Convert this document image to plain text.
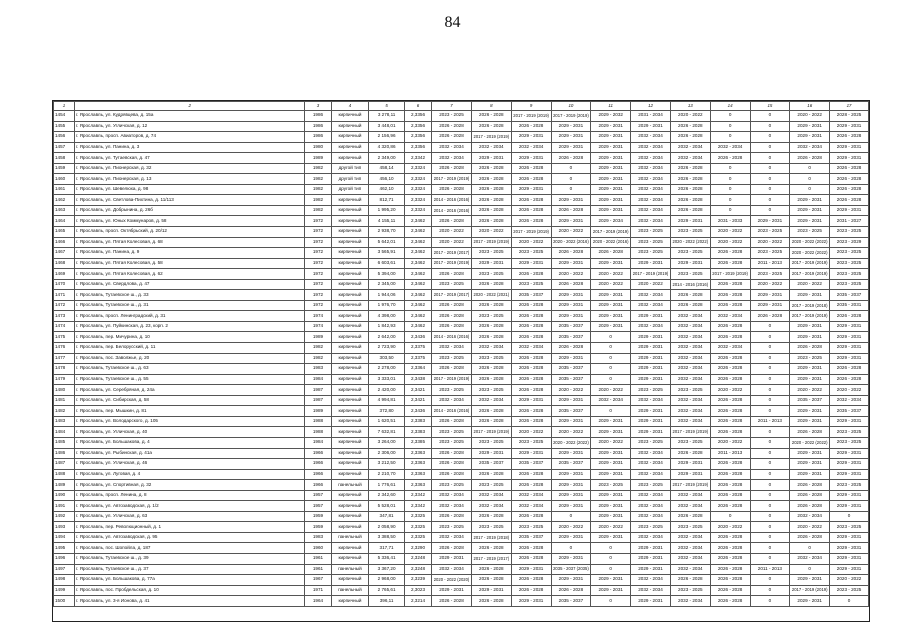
84
1	2	3	4	5	6	7	8	9	10	11	12	13	14	15	16	17
1454	г. Ярославль, ул. Кудрявцева, д. 15а	1986	кирпичный	3 278,11	2,3356	2023 - 2025	2026 - 2028	2017 - 2019 (2019)	2017 - 2019 (2019)	2029 - 2032	2031 - 2034	2020 - 2022	0	0	2020 - 2022	2028 - 2025
1455	г. Ярославль, ул. Угличская, д. 12	1986	кирпичный	3 448,01	2,3356	2026 - 2028	2026 - 2028	2026 - 2028	2029 - 2031	2029 - 2031	2029 - 2031	2026 - 2028	0	0	2029 - 2031	2029 - 2031
1456	г. Ярославль, просп. Авиаторов, д. 74	1986	кирпичный	2 156,96	2,3356	2026 - 2028	2017 - 2019 (2019)	2029 - 2031	2029 - 2031	2029 - 2031	2032 - 2034	2026 - 2028	0	0	2029 - 2031	2026 - 2028
1457	г. Ярославль, ул. Панина, д. 3	1980	кирпичный	4 320,86	2,3356	2032 - 2034	2032 - 2034	2032 - 2034	2029 - 2031	2029 - 2031	2032 - 2034	2032 - 2034	2032 - 2034	0	2032 - 2034	2029 - 2031
1458	г. Ярославль, ул. Тутаевская, д. 47	1989	кирпичный	2 349,00	2,3342	2032 - 2034	2029 - 2031	2029 - 2031	2026 - 2028	2029 - 2031	2032 - 2034	2032 - 2034	2026 - 2028	0	2026 - 2028	2029 - 2031
1459	г. Ярославль, ул. Пионерская, д. 32	1982	другой тип	458,14	2,3324	2026 - 2028	2026 - 2028	2026 - 2028	0	2029 - 2031	2032 - 2034	2026 - 2028	0	0	0	2026 - 2028
1460	г. Ярославль, ул. Пионерская, д. 13	1982	другой тип	456,10	2,3324	2017 - 2019 (2019)	2026 - 2028	2026 - 2028	0	2029 - 2031	2032 - 2034	2026 - 2028	0	0	0	2026 - 2028
1461	г. Ярославль, ул. Шевелюха, д. 98	1982	другой тип	462,10	2,3324	2026 - 2028	2026 - 2028	2029 - 2031	0	2029 - 2031	2032 - 2034	2026 - 2028	0	0	0	2026 - 2028
1462	г. Ярославль, ул. Светлова-Пихтина, д. 11/113	1982	кирпичный	812,71	2,3324	2014 - 2016 (2016)	2026 - 2028	2026 - 2028	2029 - 2031	2029 - 2031	2032 - 2034	2026 - 2028	0	0	2029 - 2031	2026 - 2028
1463	г. Ярославль, ул. Добрынина, д. 26б	1982	кирпичный	1 995,20	2,3324	2014 - 2016 (2016)	2026 - 2028	2026 - 2028	2026 - 2028	2029 - 2031	2032 - 2034	2026 - 2028	0	0	2029 - 2031	2029 - 2031
1464	г. Ярославль, ул. Юных Коммунаров, д. 58	1972	кирпичный	4 155,11	2,3462	2026 - 2028	2026 - 2028	2026 - 2028	2029 - 2031	2029 - 2034	2032 - 2034	2029 - 2031	2031 - 2033	2029 - 2031	2029 - 2031	2031 - 2027
1465	г. Ярославль, просп. Октябрьский, д. 20/12	1972	кирпичный	2 938,70	2,3462	2020 - 2022	2020 - 2022	2017 - 2019 (2019)	2020 - 2022	2017 - 2019 (2019)	2023 - 2025	2023 - 2025	2020 - 2022	2023 - 2025	2023 - 2025	2023 - 2025
1466	г. Ярославль, ул. Пятая Колесовая, д. 68	1972	кирпичный	5 642,01	2,3462	2020 - 2022	2017 - 2019 (2019)	2020 - 2022	2020 - 2022 (2016)	2020 - 2022 (2016)	2023 - 2025	2020 - 2022 (2022)	2020 - 2022	2020 - 2022	2020 - 2022 (2022)	2023 - 2029
1467	г. Ярославль, ул. Панина, д. 9	1972	кирпичный	3 565,91	2,3462	2017 - 2019 (2017)	2023 - 2025	2023 - 2025	2026 - 2028	2026 - 2028	2023 - 2025	2023 - 2025	2026 - 2028	2023 - 2025	2020 - 2022 (2022)	2023 - 2025
1468	г. Ярославль, ул. Пятая Колесовая, д. 58	1972	кирпичный	6 603,61	2,3462	2017 - 2019 (2019)	2029 - 2031	2029 - 2031	2029 - 2031	2029 - 2031	2029 - 2031	2029 - 2031	2026 - 2028	2011 - 2013	2017 - 2019 (2019)	2023 - 2025
1469	г. Ярославль, ул. Пятая Колесовая, д. 62	1972	кирпичный	5 394,00	2,3462	2026 - 2028	2023 - 2025	2026 - 2028	2020 - 2022	2020 - 2022	2017 - 2019 (2019)	2023 - 2025	2017 - 2019 (2019)	2023 - 2025	2017 - 2019 (2019)	2023 - 2025
1470	г. Ярославль, ул. Свердлова, д. 47	1972	кирпичный	2 345,00	2,3462	2023 - 2025	2026 - 2028	2023 - 2025	2026 - 2028	2020 - 2022	2020 - 2022	2014 - 2016 (2016)	2026 - 2028	2020 - 2022	2020 - 2022	2023 - 2025
1471	г. Ярославль, Тутаевское ш., д. 33	1972	кирпичный	1 944,06	2,3462	2017 - 2019 (2017)	2020 - 2022 (2021)	2035 - 2037	2029 - 2031	2029 - 2031	2032 - 2034	2026 - 2028	2026 - 2028	2029 - 2031	2029 - 2031	2035 - 2037
1472	г. Ярославль, Тутаевское ш., д. 31	1972	кирпичный	1 976,70	2,3462	2026 - 2028	2026 - 2028	2026 - 2028	2029 - 2031	2029 - 2031	2032 - 2034	2026 - 2028	2026 - 2028	2029 - 2031	2017 - 2019 (2018)	2035 - 2031
1473	г. Ярославль, просп. Ленинградский, д. 31	1974	кирпичный	4 398,00	2,3462	2026 - 2028	2023 - 2025	2026 - 2028	2029 - 2031	2029 - 2031	2029 - 2031	2032 - 2034	2032 - 2034	2026 - 2028	2017 - 2019 (2019)	2026 - 2028
1474	г. Ярославль, ул. Пуйкинская, д. 23, корп. 2	1974	кирпичный	1 842,93	2,3462	2026 - 2028	2026 - 2028	2026 - 2028	2035 - 2037	2029 - 2031	2032 - 2034	2032 - 2034	2026 - 2028	0	2029 - 2031	2029 - 2031
1475	г. Ярославль, пер. Мичурина, д. 10	1989	кирпичный	2 642,00	2,3436	2014 - 2016 (2016)	2026 - 2028	2026 - 2028	2035 - 2037	0	2029 - 2031	2032 - 2034	2026 - 2028	0	2029 - 2031	2029 - 2031
1476	г. Ярославль, пер. Белорусский, д. 11	1982	кирпичный	2 723,90	2,3375	2032 - 2034	2032 - 2034	2032 - 2034	2026 - 2028	0	2029 - 2031	2032 - 2034	2032 - 2034	0	2026 - 2028	2029 - 2031
1477	г. Ярославль, пос. Заволжье, д. 20	1982	кирпичный	303,50	2,3375	2023 - 2025	2023 - 2025	2026 - 2028	2029 - 2031	0	2029 - 2031	2032 - 2034	2026 - 2028	0	2023 - 2025	2029 - 2031
1478	г. Ярославль, Тутаевское ш., д. 63	1983	кирпичный	2 278,00	2,3364	2026 - 2028	2026 - 2028	2026 - 2028	2035 - 2037	0	2029 - 2031	2032 - 2034	2026 - 2028	0	2029 - 2031	2026 - 2028
1479	г. Ярославль, Тутаевское ш., д. 55	1984	кирпичный	3 333,01	2,3438	2017 - 2019 (2019)	2026 - 2028	2026 - 2028	2035 - 2037	0	2029 - 2031	2032 - 2034	2026 - 2028	0	2029 - 2031	2026 - 2028
1480	г. Ярославль, ул. Серебряная, д. 24а	1987	кирпичный	2 420,00	2,3421	2023 - 2025	2023 - 2025	2026 - 2028	2020 - 2022	2020 - 2022	2023 - 2025	2023 - 2025	2020 - 2022	0	2020 - 2022	2020 - 2022
1481	г. Ярославль, ул. Сибирская, д. 58	1987	кирпичный	4 994,81	2,3421	2032 - 2034	2032 - 2034	2029 - 2031	2029 - 2031	2032 - 2034	2032 - 2034	2032 - 2034	2026 - 2028	0	2035 - 2037	2032 - 2034
1482	г. Ярославль, пер. Мышкин, д. 81	1989	кирпичный	372,80	2,3436	2014 - 2016 (2016)	2026 - 2028	2026 - 2028	2035 - 2037	0	2029 - 2031	2032 - 2034	2026 - 2028	0	2029 - 2031	2035 - 2037
1483	г. Ярославль, ул. Володарского, д. 105	1988	кирпичный	1 620,51	2,3383	2026 - 2028	2026 - 2028	2026 - 2028	2029 - 2031	2029 - 2031	2029 - 2031	2032 - 2034	2026 - 2028	2011 - 2013	2029 - 2031	2029 - 2031
1484	г. Ярославль, ул. Угличская, д. 40	1988	кирпичный	7 632,81	2,3383	2023 - 2025	2017 - 2019 (2019)	2020 - 2022	2020 - 2022	2029 - 2031	2029 - 2031	2017 - 2019 (2019)	2026 - 2028	0	2026 - 2028	2023 - 2025
1485	г. Ярославль, ул. Большакова, д. 4	1984	кирпичный	3 264,00	2,3385	2023 - 2025	2023 - 2025	2023 - 2025	2020 - 2022 (2022)	2020 - 2022	2023 - 2025	2023 - 2025	2020 - 2022	0	2020 - 2022 (2022)	2023 - 2025
1486	г. Ярославль, ул. Рыбинская, д. 41а	1966	кирпичный	2 306,00	2,3363	2026 - 2028	2029 - 2031	2029 - 2031	2029 - 2031	2029 - 2031	2032 - 2034	2026 - 2028	2011 - 2013	0	2029 - 2031	2029 - 2031
1487	г. Ярославль, ул. Угличская, д. 46	1966	кирпичный	3 212,50	2,3363	2026 - 2028	2035 - 2037	2035 - 2037	2035 - 2037	2029 - 2031	2032 - 2034	2029 - 2031	2026 - 2028	0	2029 - 2031	2029 - 2031
1488	г. Ярославль, ул. Луговая, д. 4	1966	кирпичный	2 210,70	2,3363	2026 - 2028	2026 - 2028	2026 - 2028	2029 - 2031	2029 - 2031	2032 - 2034	2029 - 2031	2026 - 2028	0	2029 - 2031	2029 - 2031
1489	г. Ярославль, ул. Спортивная, д. 32	1966	панельный	1 776,61	2,3363	2023 - 2025	2023 - 2025	2026 - 2028	2029 - 2031	2023 - 2025	2023 - 2025	2017 - 2019 (2019)	2026 - 2028	0	2026 - 2028	2023 - 2025
1490	г. Ярославль, просп. Ленина, д. 8	1957	кирпичный	2 342,60	2,3342	2032 - 2034	2032 - 2034	2032 - 2034	2029 - 2031	2029 - 2031	2032 - 2034	2032 - 2034	2026 - 2028	0	2026 - 2028	2029 - 2031
1491	г. Ярославль, ул. Автозаводская, д. 1/2	1957	кирпичный	5 528,01	2,3342	2032 - 2034	2032 - 2034	2032 - 2034	2029 - 2031	2029 - 2031	2032 - 2034	2032 - 2034	2026 - 2028	0	2026 - 2028	2029 - 2031
1492	г. Ярославль, ул. Угличская, д. 63	1959	кирпичный	347,81	2,3325	2026 - 2028	2026 - 2028	2026 - 2028	0	2029 - 2031	2032 - 2034	2026 - 2028	0	0	2032 - 2034	0
1493	г. Ярославль, пер. Революционный, д. 1	1959	кирпичный	2 058,90	2,3325	2023 - 2025	2023 - 2025	2023 - 2025	2020 - 2022	2020 - 2022	2023 - 2025	2023 - 2025	2020 - 2022	0	2020 - 2022	2023 - 2025
1494	г. Ярославль, ул. Автозаводская, д. 95	1983	панельный	3 388,50	2,3325	2032 - 2034	2017 - 2019 (2018)	2035 - 2037	2029 - 2031	2029 - 2031	2032 - 2034	2032 - 2034	2026 - 2028	0	2026 - 2028	2029 - 2031
1495	г. Ярославль, пос. Шопойла, д. 187	1960	кирпичный	317,71	2,3290	2026 - 2028	2026 - 2028	2026 - 2028	0	0	2029 - 2031	2032 - 2034	2026 - 2028	0	0	2029 - 2031
1496	г. Ярославль, Тутаевское ш., д. 39	1961	кирпичный	5 336,41	2,3248	2029 - 2031	2017 - 2019 (2017)	2026 - 2028	2029 - 2031	0	2029 - 2031	2032 - 2034	2026 - 2028	0	2032 - 2034	2029 - 2031
1497	г. Ярославль, Тутаевское ш., д. 37	1961	панельный	3 367,20	2,3248	2032 - 2034	2026 - 2028	2029 - 2031	2035 - 2037 (2035)	0	2029 - 2031	2032 - 2034	2026 - 2028	2011 - 2013	0	2029 - 2031
1498	г. Ярославль, ул. Большакова, д. 77а	1967	кирпичный	2 968,00	2,3239	2020 - 2022 (2020)	2026 - 2028	2026 - 2028	2029 - 2031	2029 - 2031	2032 - 2034	2026 - 2028	2026 - 2028	0	2029 - 2031	2020 - 2022
1499	г. Ярославль, пос. Пробдельская, д. 10	1971	панельный	2 765,61	2,3023	2029 - 2031	2029 - 2031	2026 - 2028	2026 - 2028	2029 - 2031	2032 - 2034	2023 - 2025	2026 - 2028	0	2017 - 2019 (2019)	2023 - 2025
1500	г. Ярославль, ул. 3-я Ионова, д. 41	1964	кирпичный	396,11	2,3214	2026 - 2028	2026 - 2028	2029 - 2031	2035 - 2037	0	2029 - 2031	2032 - 2034	2026 - 2028	0	2029 - 2031	0
